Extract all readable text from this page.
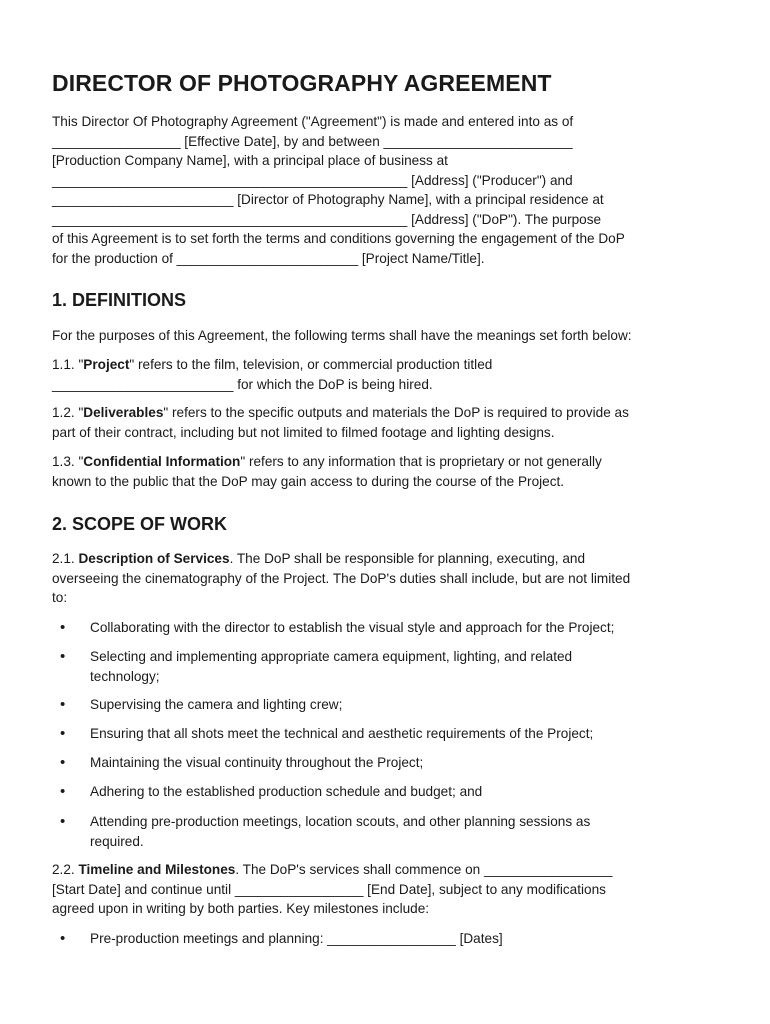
DIRECTOR OF PHOTOGRAPHY AGREEMENT

This Director Of Photography Agreement ("Agreement") is made and entered into as of
_________________ [Effective Date], by and between _________________________
[Production Company Name], with a principal place of business at
_______________________________________________ [Address] ("Producer") and
________________________ [Director of Photography Name], with a principal residence at
_______________________________________________ [Address] ("DoP"). The purpose
of this Agreement is to set forth the terms and conditions governing the engagement of the DoP
for the production of ________________________ [Project Name/Title].

1. DEFINITIONS

For the purposes of this Agreement, the following terms shall have the meanings set forth below:

1.1. "Project" refers to the film, television, or commercial production titled
________________________ for which the DoP is being hired.

1.2. "Deliverables" refers to the specific outputs and materials the DoP is required to provide as
part of their contract, including but not limited to filmed footage and lighting designs.

1.3. "Confidential Information" refers to any information that is proprietary or not generally
known to the public that the DoP may gain access to during the course of the Project.

2. SCOPE OF WORK

2.1. Description of Services. The DoP shall be responsible for planning, executing, and
overseeing the cinematography of the Project. The DoP's duties shall include, but are not limited
to:

• Collaborating with the director to establish the visual style and approach for the Project;
• Selecting and implementing appropriate camera equipment, lighting, and related
technology;
• Supervising the camera and lighting crew;
• Ensuring that all shots meet the technical and aesthetic requirements of the Project;
• Maintaining the visual continuity throughout the Project;
• Adhering to the established production schedule and budget; and
• Attending pre-production meetings, location scouts, and other planning sessions as
required.

2.2. Timeline and Milestones. The DoP's services shall commence on _________________
[Start Date] and continue until _________________ [End Date], subject to any modifications
agreed upon in writing by both parties. Key milestones include:

• Pre-production meetings and planning: _________________ [Dates]
